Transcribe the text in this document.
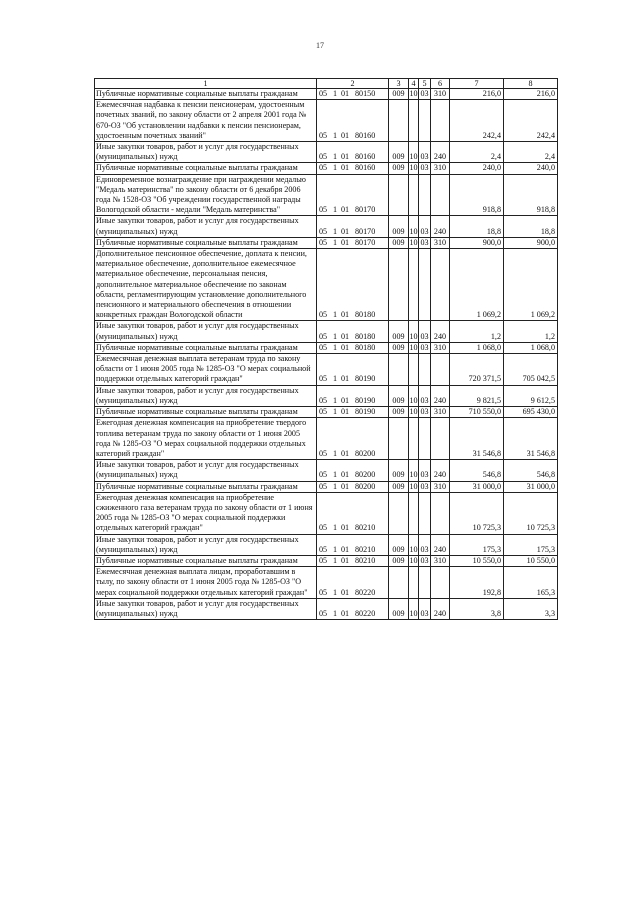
17
1	2	3	4	5	6	7	8
Публичные нормативные социальные выплаты гражданам	05 1 01 80150	009	10	03	310	216,0	216,0
Ежемесячная надбавка к пенсии пенсионерам, удостоенным почетных званий, по закону области от 2 апреля 2001 года № 670-ОЗ "Об установлении надбавки к пенсии пенсионерам, удостоенным почетных званий"	05 1 01 80160					242,4	242,4
Иные закупки товаров, работ и услуг для государственных (муниципальных) нужд	05 1 01 80160	009	10	03	240	2,4	2,4
Публичные нормативные социальные выплаты гражданам	05 1 01 80160	009	10	03	310	240,0	240,0
Единовременное вознаграждение при награждении медалью "Медаль материнства" по закону области от 6 декабря 2006 года № 1528-ОЗ "Об учреждении государственной награды Вологодской области - медали "Медаль материнства"	05 1 01 80170					918,8	918,8
Иные закупки товаров, работ и услуг для государственных (муниципальных) нужд	05 1 01 80170	009	10	03	240	18,8	18,8
Публичные нормативные социальные выплаты гражданам	05 1 01 80170	009	10	03	310	900,0	900,0
Дополнительное пенсионное обеспечение, доплата к пенсии, материальное обеспечение, дополнительное ежемесячное материальное обеспечение, персональная пенсия, дополнительное материальное обеспечение по законам области, регламентирующим установление дополнительного пенсионного и материального обеспечения в отношении конкретных граждан Вологодской области	05 1 01 80180					1 069,2	1 069,2
Иные закупки товаров, работ и услуг для государственных (муниципальных) нужд	05 1 01 80180	009	10	03	240	1,2	1,2
Публичные нормативные социальные выплаты гражданам	05 1 01 80180	009	10	03	310	1 068,0	1 068,0
Ежемесячная денежная выплата ветеранам труда по закону области от 1 июня 2005 года № 1285-ОЗ "О мерах социальной поддержки отдельных категорий граждан"	05 1 01 80190					720 371,5	705 042,5
Иные закупки товаров, работ и услуг для государственных (муниципальных) нужд	05 1 01 80190	009	10	03	240	9 821,5	9 612,5
Публичные нормативные социальные выплаты гражданам	05 1 01 80190	009	10	03	310	710 550,0	695 430,0
Ежегодная денежная компенсация на приобретение твердого топлива ветеранам труда по закону области от 1 июня 2005 года № 1285-ОЗ "О мерах социальной поддержки отдельных категорий граждан"	05 1 01 80200					31 546,8	31 546,8
Иные закупки товаров, работ и услуг для государственных (муниципальных) нужд	05 1 01 80200	009	10	03	240	546,8	546,8
Публичные нормативные социальные выплаты гражданам	05 1 01 80200	009	10	03	310	31 000,0	31 000,0
Ежегодная денежная компенсация на приобретение сжиженного газа ветеранам труда по закону области от 1 июня 2005 года № 1285-ОЗ "О мерах социальной поддержки отдельных категорий граждан"	05 1 01 80210					10 725,3	10 725,3
Иные закупки товаров, работ и услуг для государственных (муниципальных) нужд	05 1 01 80210	009	10	03	240	175,3	175,3
Публичные нормативные социальные выплаты гражданам	05 1 01 80210	009	10	03	310	10 550,0	10 550,0
Ежемесячная денежная выплата лицам, проработавшим в тылу, по закону области от 1 июня 2005 года № 1285-ОЗ "О мерах социальной поддержки отдельных категорий граждан"	05 1 01 80220					192,8	165,3
Иные закупки товаров, работ и услуг для государственных (муниципальных) нужд	05 1 01 80220	009	10	03	240	3,8	3,3
